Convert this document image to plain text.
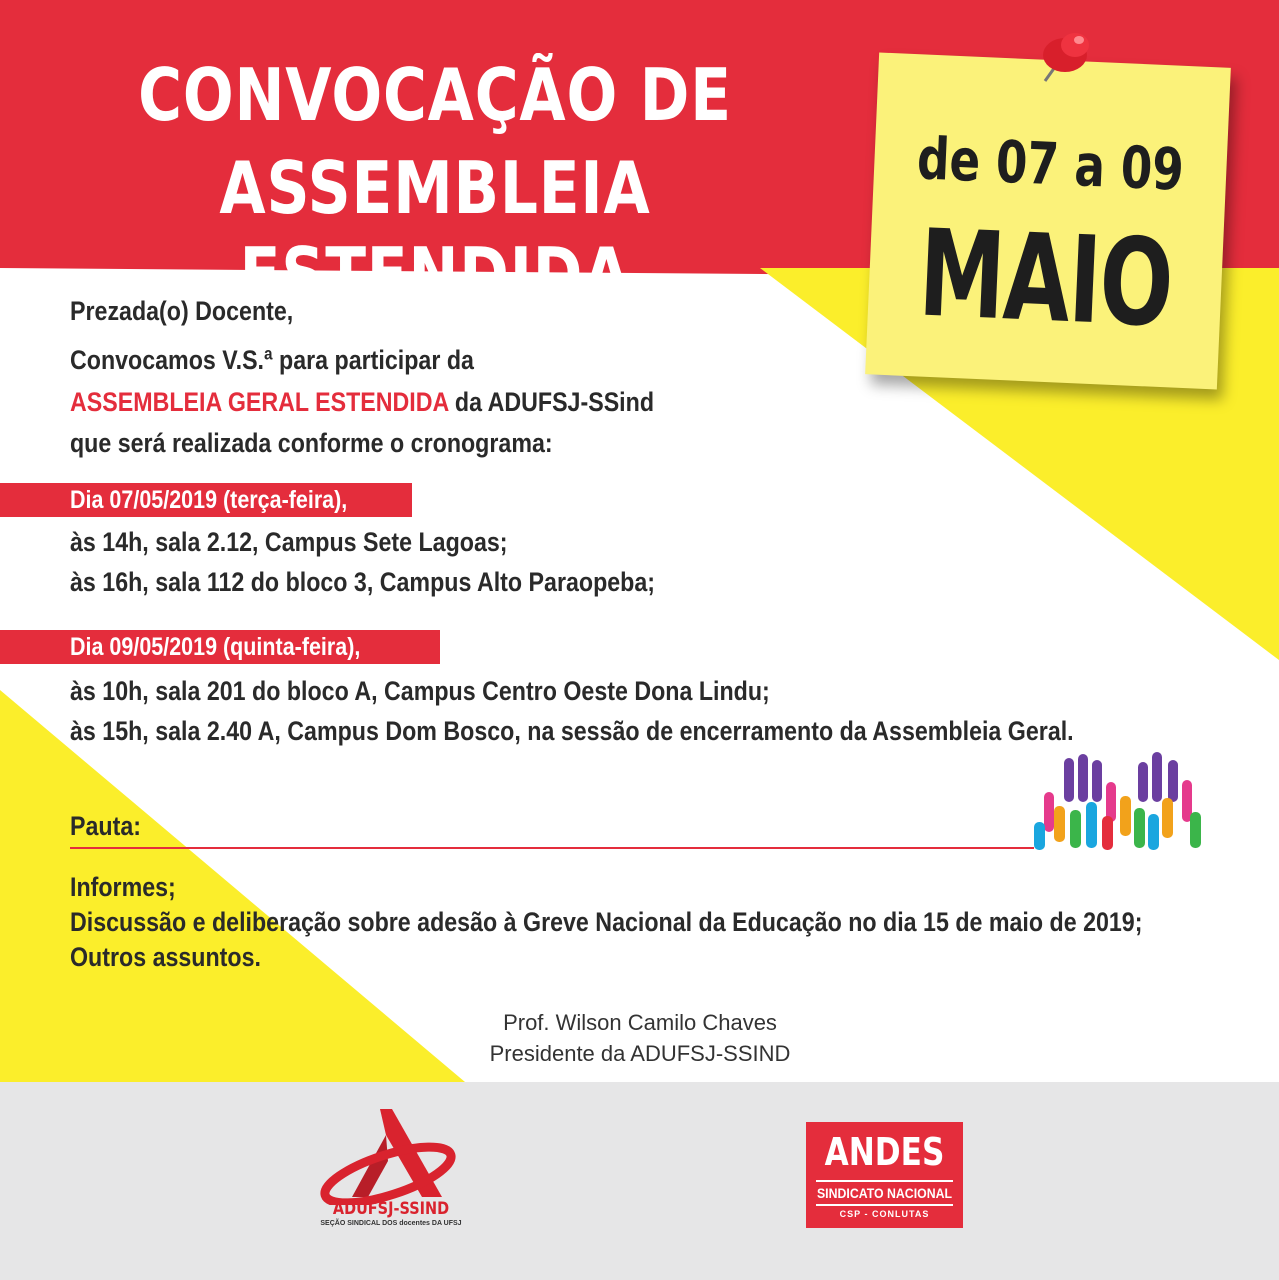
CONVOCAÇÃO DE
ASSEMBLEIA ESTENDIDA
de 07 a 09
MAIO
Prezada(o) Docente,
Convocamos V.S.ª para participar da
ASSEMBLEIA GERAL ESTENDIDA da ADUFSJ-SSind
que será realizada conforme o cronograma:
Dia 07/05/2019 (terça-feira),
às 14h, sala 2.12, Campus Sete Lagoas;
às 16h, sala 112 do bloco 3, Campus Alto Paraopeba;
Dia 09/05/2019 (quinta-feira),
às 10h, sala 201 do bloco A, Campus Centro Oeste Dona Lindu;
às 15h, sala 2.40 A, Campus Dom Bosco, na sessão de encerramento da Assembleia Geral.
Pauta:
Informes;
Discussão e deliberação sobre adesão à Greve Nacional da Educação no dia 15 de maio de 2019;
Outros assuntos.
Prof. Wilson Camilo Chaves
Presidente da ADUFSJ-SSIND
ADUFSJ-SSIND
SEÇÃO SINDICAL DOS docentes DA UFSJ
ANDES
SINDICATO NACIONAL
CSP - CONLUTAS
